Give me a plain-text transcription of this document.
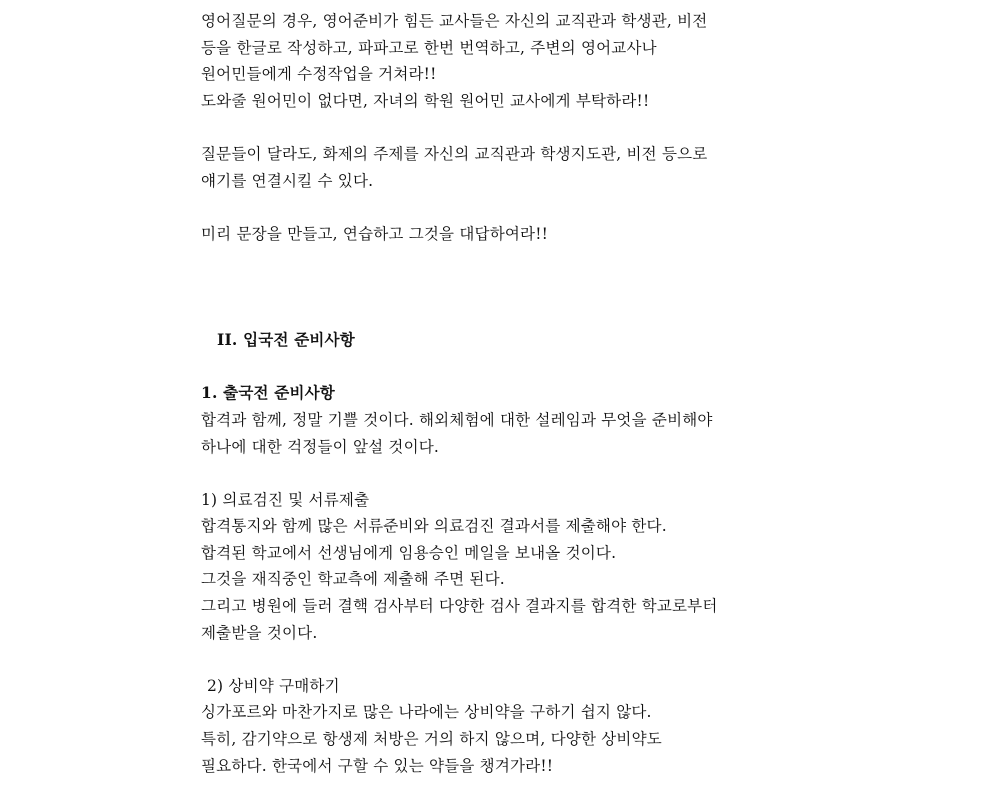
영어질문의 경우, 영어준비가 힘든 교사들은 자신의 교직관과 학생관, 비전
등을 한글로 작성하고, 파파고로 한번 번역하고, 주변의 영어교사나
원어민들에게 수정작업을 거쳐라!!
도와줄 원어민이 없다면, 자녀의 학원 원어민 교사에게 부탁하라!!
질문들이 달라도, 화제의 주제를 자신의 교직관과 학생지도관, 비전 등으로
얘기를 연결시킬 수 있다.
미리 문장을 만들고, 연습하고 그것을 대답하여라!!
II. 입국전 준비사항
1. 출국전 준비사항
합격과 함께, 정말 기쁠 것이다. 해외체험에 대한 설레임과 무엇을 준비해야
하나에 대한 걱정들이 앞설 것이다.
1) 의료검진 및 서류제출
합격통지와 함께 많은 서류준비와 의료검진 결과서를 제출해야 한다.
합격된 학교에서 선생님에게 임용승인 메일을 보내올 것이다.
그것을 재직중인 학교측에 제출해 주면 된다.
그리고 병원에 들러 결핵 검사부터 다양한 검사 결과지를 합격한 학교로부터
제출받을 것이다.
2) 상비약 구매하기
싱가포르와 마찬가지로 많은 나라에는 상비약을 구하기 쉽지 않다.
특히, 감기약으로 항생제 처방은 거의 하지 않으며, 다양한 상비약도
필요하다. 한국에서 구할 수 있는 약들을 챙겨가라!!
